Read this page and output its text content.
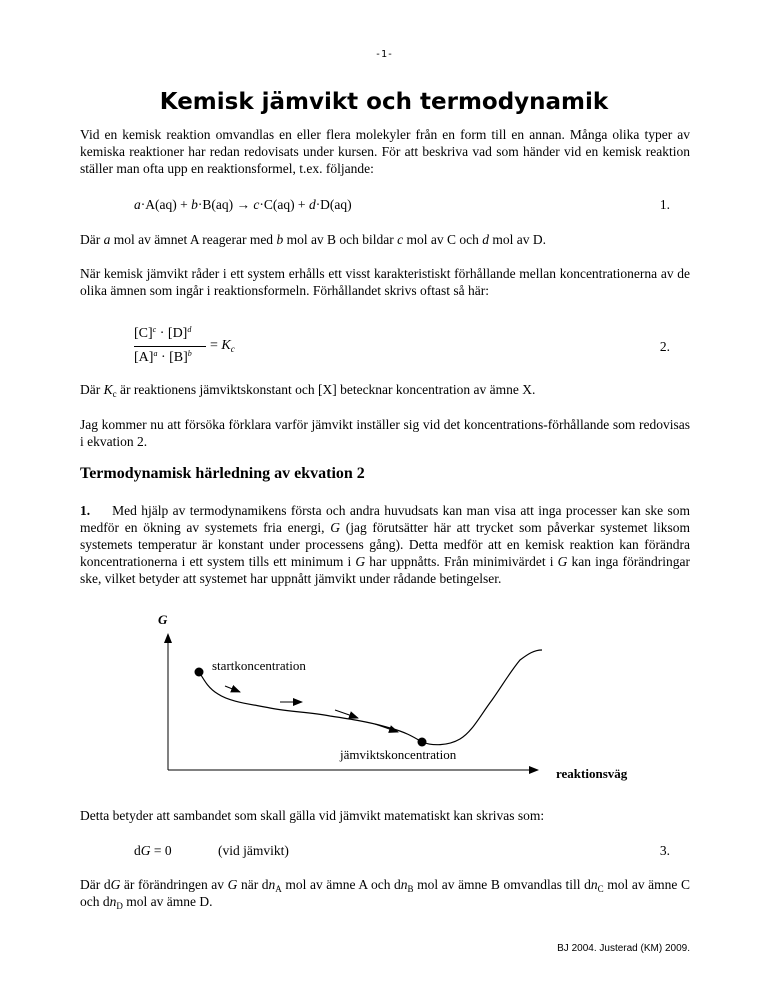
-1-
Kemisk jämvikt och termodynamik
Vid en kemisk reaktion omvandlas en eller flera molekyler från en form till en annan. Många olika typer av kemiska reaktioner har redan redovisats under kursen. För att beskriva vad som händer vid en kemisk reaktion ställer man ofta upp en reaktionsformel, t.ex. följande:
a·A(aq) + b·B(aq) → c·C(aq) + d·D(aq)	1.
Där a mol av ämnet A reagerar med b mol av B och bildar c mol av C och d mol av D.
När kemisk jämvikt råder i ett system erhålls ett visst karakteristiskt förhållande mellan koncentrationerna av de olika ämnen som ingår i reaktionsformeln. Förhållandet skrivs oftast så här:
$[C]^c \cdot [D]^d$
$[A]^a \cdot [B]^b$
= $K_c$	2.
Där $K_c$ är reaktionens jämviktskonstant och [X] betecknar koncentration av ämne X.
Jag kommer nu att försöka förklara varför jämvikt inställer sig vid det koncentrations-förhållande som redovisas i ekvation 2.
Termodynamisk härledning av ekvation 2
1. Med hjälp av termodynamikens första och andra huvudsats kan man visa att inga processer kan ske som medför en ökning av systemets fria energi, G (jag förutsätter här att trycket som påverkar systemet liksom systemets temperatur är konstant under processens gång). Detta medför att en kemisk reaktion kan förändra koncentrationerna i ett system tills ett minimum i G har uppnåtts. Från minimivärdet i G kan inga förändringar ske, vilket betyder att systemet har uppnått jämvikt under rådande betingelser.
G
reaktionsväg
startkoncentration
jämviktskoncentration
Detta betyder att sambandet som skall gälla vid jämvikt matematiskt kan skrivas som:
dG = 0	(vid jämvikt)	3.
Där dG är förändringen av G när $dn_A$ mol av ämne A och $dn_B$ mol av ämne B omvandlas till $dn_C$ mol av ämne C och $dn_D$ mol av ämne D.
BJ 2004. Justerad (KM) 2009.
